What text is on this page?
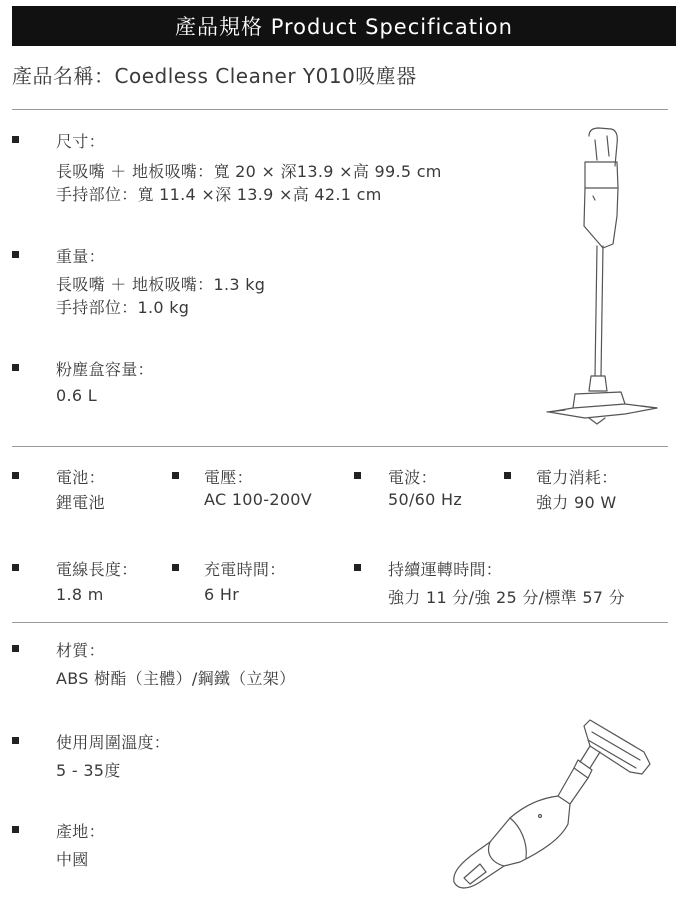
產品規格 Product Specification
產品名稱：Coedless Cleaner Y010吸塵器
尺寸：
長吸嘴 ＋ 地板吸嘴：寬 20 × 深13.9 ×高 99.5 cm
手持部位：寬 11.4 ×深 13.9 ×高 42.1 cm
重量：
長吸嘴 ＋ 地板吸嘴：1.3 kg
手持部位：1.0 kg
粉塵盒容量：
0.6 L
電池：
鋰電池
電壓：
AC 100-200V
電波：
50/60 Hz
電力消耗：
強力 90 W
電線長度：
1.8 m
充電時間：
6 Hr
持續運轉時間：
強力 11 分/強 25 分/標準 57 分
材質：
ABS 樹酯（主體）/鋼鐵（立架）
使用周圍溫度：
5 - 35度
產地：
中國
